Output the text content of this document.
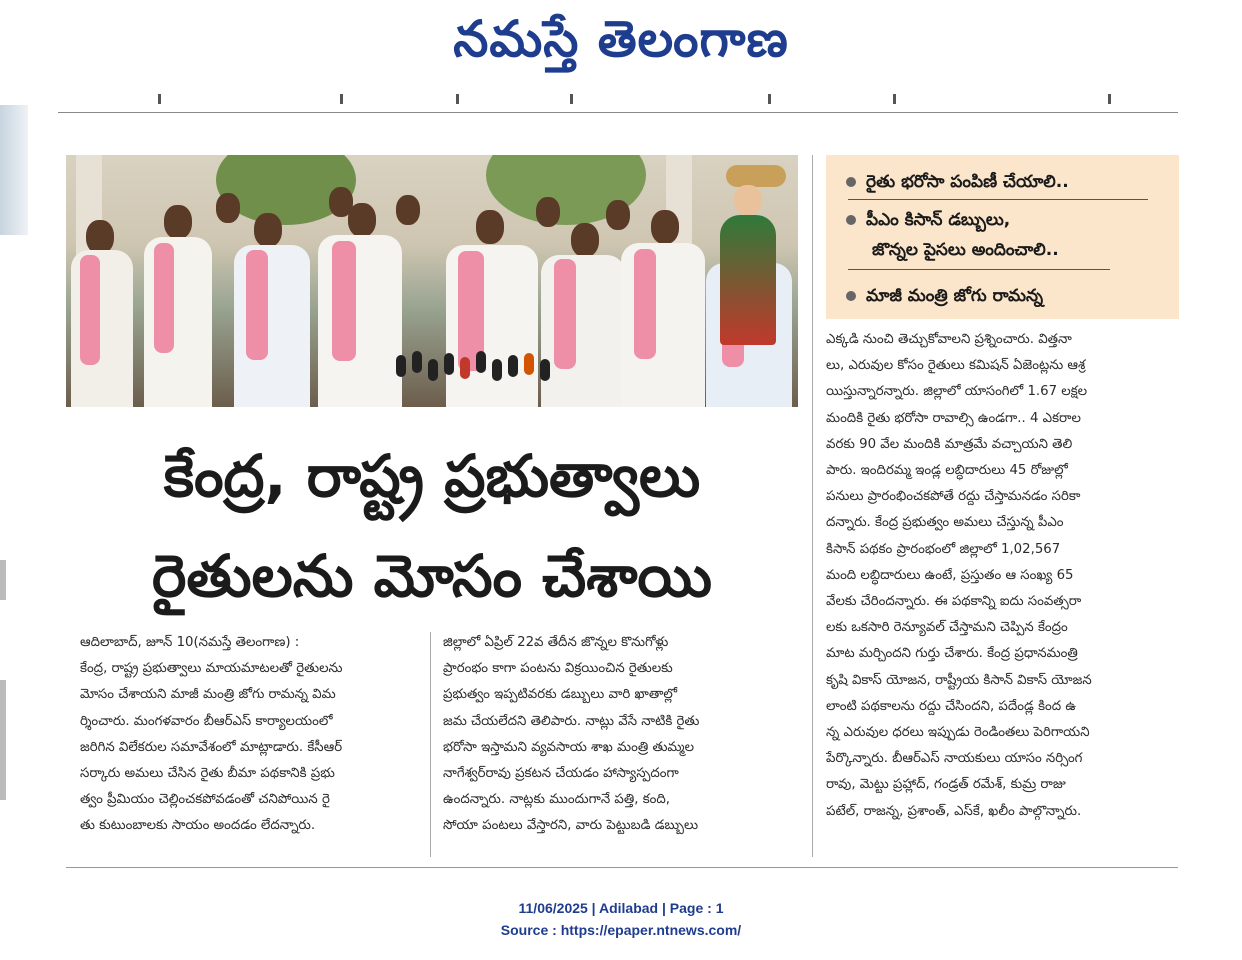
నమస్తే తెలంగాణ
రైతు భరోసా పంపిణీ చేయాలి..
పీఎం కిసాన్ డబ్బులు,
జొన్నల పైసలు అందించాలి..
మాజీ మంత్రి జోగు రామన్న
కేంద్ర, రాష్ట్ర ప్రభుత్వాలు
రైతులను మోసం చేశాయి
ఆదిలాబాద్, జూన్ 10(నమస్తే తెలంగాణ) :
కేంద్ర, రాష్ట్ర ప్రభుత్వాలు మాయమాటలతో రైతులను
మోసం చేశాయని మాజీ మంత్రి జోగు రామన్న విమ
ర్శించారు. మంగళవారం బీఆర్ఎస్ కార్యాలయంలో
జరిగిన విలేకరుల సమావేశంలో మాట్లాడారు. కేసీఆర్
సర్కారు అమలు చేసిన రైతు బీమా పథకానికి ప్రభు
త్వం ప్రీమియం చెల్లించకపోవడంతో చనిపోయిన రై
తు కుటుంబాలకు సాయం అందడం లేదన్నారు.
జిల్లాలో ఏప్రిల్ 22వ తేదీన జొన్నల కొనుగోళ్లు
ప్రారంభం కాగా పంటను విక్రయించిన రైతులకు
ప్రభుత్వం ఇప్పటివరకు డబ్బులు వారి ఖాతాల్లో
జమ చేయలేదని తెలిపారు. నాట్లు వేసే నాటికి రైతు
భరోసా ఇస్తామని వ్యవసాయ శాఖ మంత్రి తుమ్మల
నాగేశ్వర్‌రావు ప్రకటన చేయడం హాస్యాస్పదంగా
ఉందన్నారు. నాట్లకు ముందుగానే పత్తి, కంది,
సోయా పంటలు వేస్తారని, వారు పెట్టుబడి డబ్బులు
ఎక్కడి నుంచి తెచ్చుకోవాలని ప్రశ్నించారు. విత్తనా
లు, ఎరువుల కోసం రైతులు కమిషన్ ఏజెంట్లను ఆశ్ర
యిస్తున్నారన్నారు. జిల్లాలో యాసంగిలో 1.67 లక్షల
మందికి రైతు భరోసా రావాల్సి ఉండగా.. 4 ఎకరాల
వరకు 90 వేల మందికి మాత్రమే వచ్చాయని తెలి
పారు. ఇందిరమ్మ ఇండ్ల లబ్ధిదారులు 45 రోజుల్లో
పనులు ప్రారంభించకపోతే రద్దు చేస్తామనడం సరికా
దన్నారు. కేంద్ర ప్రభుత్వం అమలు చేస్తున్న పీఎం
కిసాన్ పథకం ప్రారంభంలో జిల్లాలో 1,02,567
మంది లబ్ధిదారులు ఉంటే, ప్రస్తుతం ఆ సంఖ్య 65
వేలకు చేరిందన్నారు. ఈ పథకాన్ని ఐదు సంవత్సరా
లకు ఒకసారి రెన్యూవల్ చేస్తామని చెప్పిన కేంద్రం
మాట మర్చిందని గుర్తు చేశారు. కేంద్ర ప్రధానమంత్రి
కృషి వికాస్ యోజన, రాష్ట్రీయ కిసాన్ వికాస్ యోజన
లాంటి పథకాలను రద్దు చేసిందని, పదేండ్ల కింద ఉ
న్న ఎరువుల ధరలు ఇప్పుడు రెండింతలు పెరిగాయని
పేర్కొన్నారు. బీఆర్ఎస్ నాయకులు యాసం నర్సింగ
రావు, మెట్టు ప్రహ్లాద్, గండ్రత్ రమేశ్, కుమ్ర రాజు
పటేల్, రాజన్న, ప్రశాంత్, ఎస్‌కే, ఖలీం పాల్గొన్నారు.
11/06/2025 | Adilabad | Page : 1
Source : https://epaper.ntnews.com/
